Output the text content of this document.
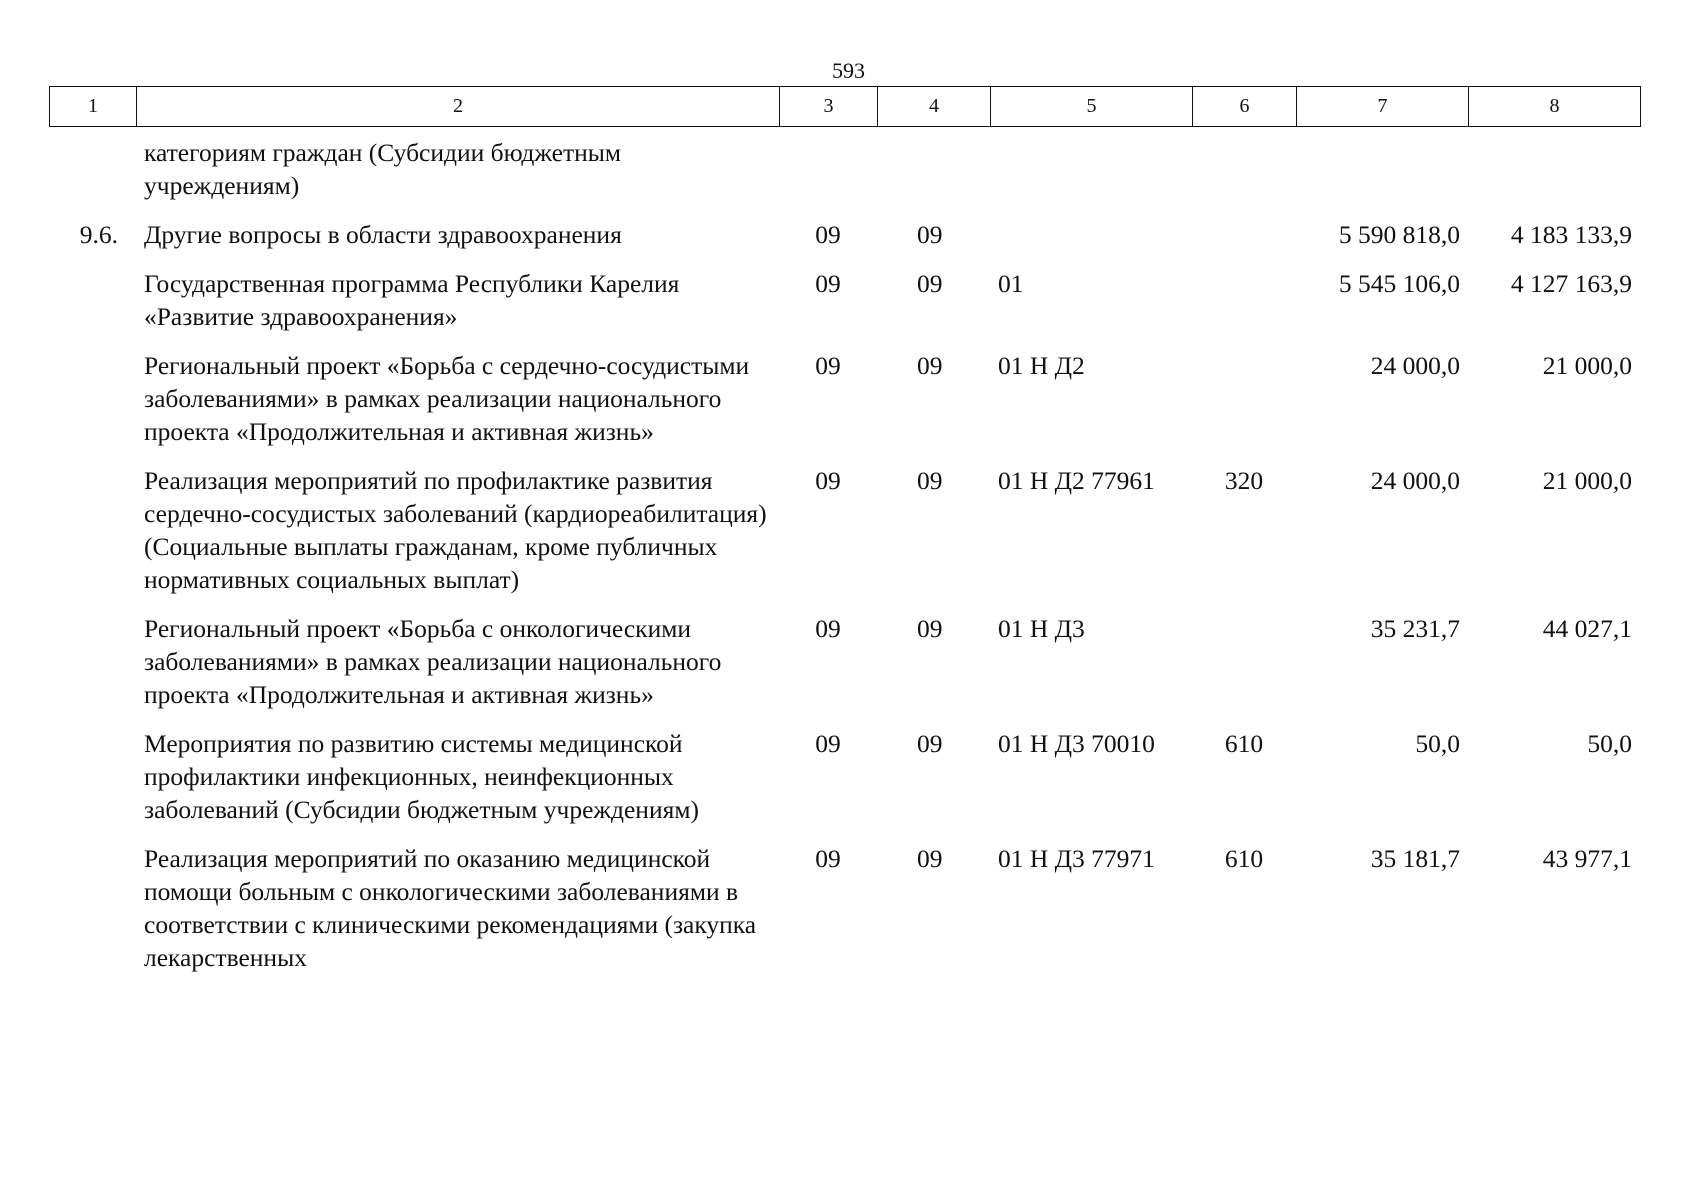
593
1	2	3	4	5	6	7	8
	категориям граждан (Субсидии бюджетным учреждениям)						
9.6.	Другие вопросы в области здравоохранения	09	09			5 590 818,0	4 183 133,9
	Государственная программа Республики Карелия «Развитие здравоохранения»	09	09	01		5 545 106,0	4 127 163,9
	Региональный проект «Борьба с сердечно-сосудистыми заболеваниями» в рамках реализации национального проекта «Продолжительная и активная жизнь»	09	09	01 Н Д2		24 000,0	21 000,0
	Реализация мероприятий по профилактике развития сердечно-сосудистых заболеваний (кардиореабилитация) (Социальные выплаты гражданам, кроме публичных нормативных социальных выплат)	09	09	01 Н Д2 77961	320	24 000,0	21 000,0
	Региональный проект «Борьба с онкологическими заболеваниями» в рамках реализации национального проекта «Продолжительная и активная жизнь»	09	09	01 Н Д3		35 231,7	44 027,1
	Мероприятия по развитию системы медицинской профилактики инфекционных, неинфекционных заболеваний (Субсидии бюджетным учреждениям)	09	09	01 Н Д3 70010	610	50,0	50,0
	Реализация мероприятий по оказанию медицинской помощи больным с онкологическими заболеваниями в соответствии с клиническими рекомендациями (закупка лекарственных	09	09	01 Н Д3 77971	610	35 181,7	43 977,1
